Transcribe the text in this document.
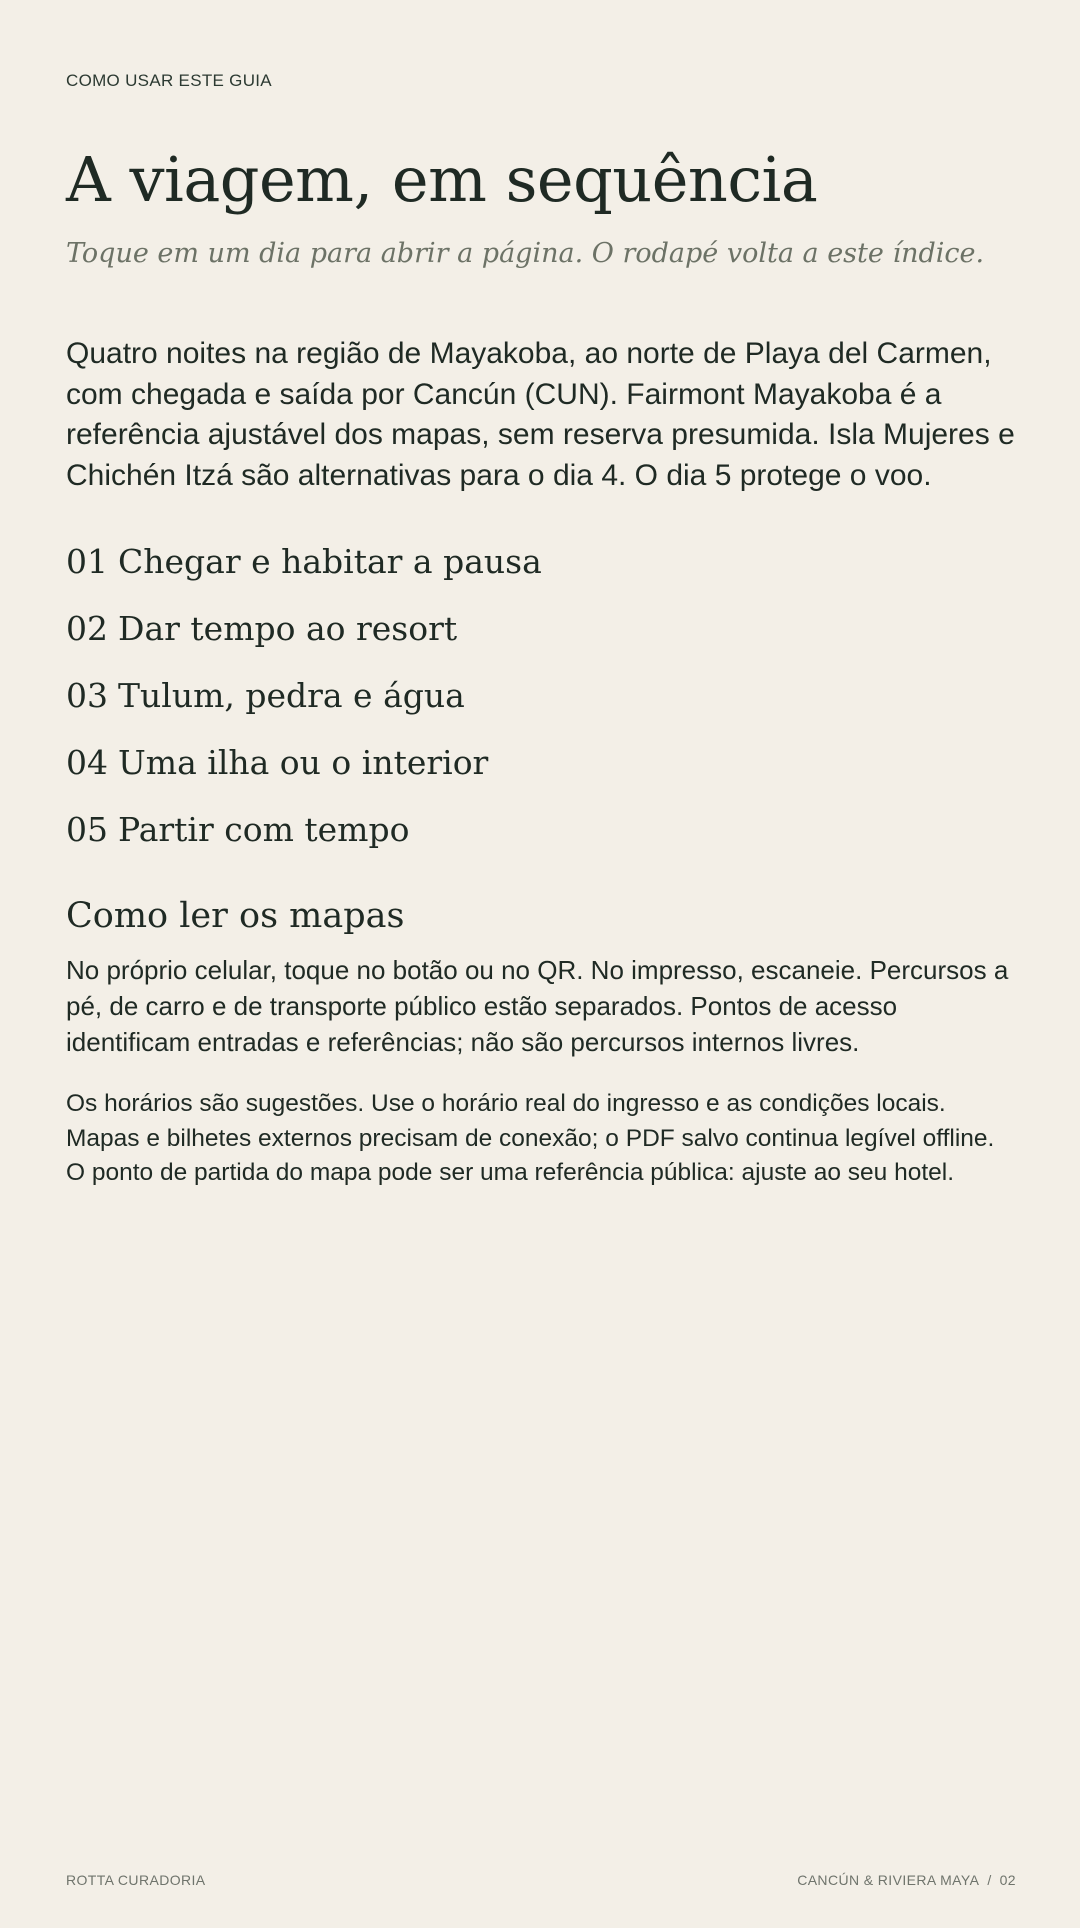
COMO USAR ESTE GUIA
A viagem, em sequência

Toque em um dia para abrir a página. O rodapé volta a este índice.

Quatro noites na região de Mayakoba, ao norte de Playa del Carmen, com chegada e saída por Cancún (CUN). Fairmont Mayakoba é a referência ajustável dos mapas, sem reserva presumida. Isla Mujeres e Chichén Itzá são alternativas para o dia 4. O dia 5 protege o voo.

01 Chegar e habitar a pausa
02 Dar tempo ao resort
03 Tulum, pedra e água
04 Uma ilha ou o interior
05 Partir com tempo
Como ler os mapas

No próprio celular, toque no botão ou no QR. No impresso, escaneie. Percursos a pé, de carro e de transporte público estão separados. Pontos de acesso identificam entradas e referências; não são percursos internos livres.

Os horários são sugestões. Use o horário real do ingresso e as condições locais. Mapas e bilhetes externos precisam de conexão; o PDF salvo continua legível offline. O ponto de partida do mapa pode ser uma referência pública: ajuste ao seu hotel.

ROTTA CURADORIA	CANCÚN & RIVIERA MAYA / 02
